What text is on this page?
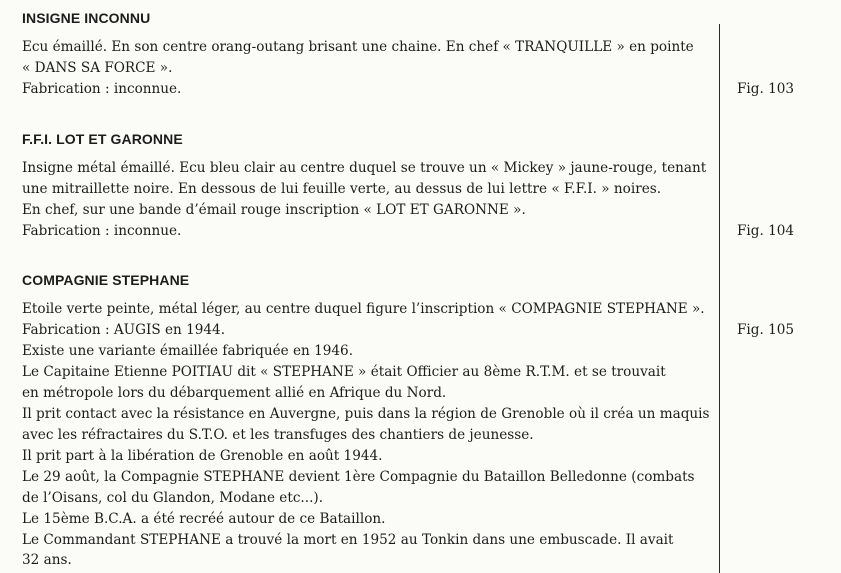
INSIGNE INCONNU
Ecu émaillé. En son centre orang-outang brisant une chaine. En chef « TRANQUILLE » en pointe
« DANS SA FORCE ».
Fabrication : inconnue.	Fig. 103
F.F.I. LOT ET GARONNE
Insigne métal émaillé. Ecu bleu clair au centre duquel se trouve un « Mickey » jaune-rouge, tenant
une mitraillette noire. En dessous de lui feuille verte, au dessus de lui lettre « F.F.I. » noires.
En chef, sur une bande d’émail rouge inscription « LOT ET GARONNE ».
Fabrication : inconnue.	Fig. 104
COMPAGNIE STEPHANE
Etoile verte peinte, métal léger, au centre duquel figure l’inscription « COMPAGNIE STEPHANE ».
Fabrication : AUGIS en 1944.	Fig. 105
Existe une variante émaillée fabriquée en 1946.
Le Capitaine Etienne POITIAU dit « STEPHANE » était Officier au 8ème R.T.M. et se trouvait
en métropole lors du débarquement allié en Afrique du Nord.
Il prit contact avec la résistance en Auvergne, puis dans la région de Grenoble où il créa un maquis
avec les réfractaires du S.T.O. et les transfuges des chantiers de jeunesse.
Il prit part à la libération de Grenoble en août 1944.
Le 29 août, la Compagnie STEPHANE devient 1ère Compagnie du Bataillon Belledonne (combats
de l’Oisans, col du Glandon, Modane etc...).
Le 15ème B.C.A. a été recréé autour de ce Bataillon.
Le Commandant STEPHANE a trouvé la mort en 1952 au Tonkin dans une embuscade. Il avait
32 ans.
